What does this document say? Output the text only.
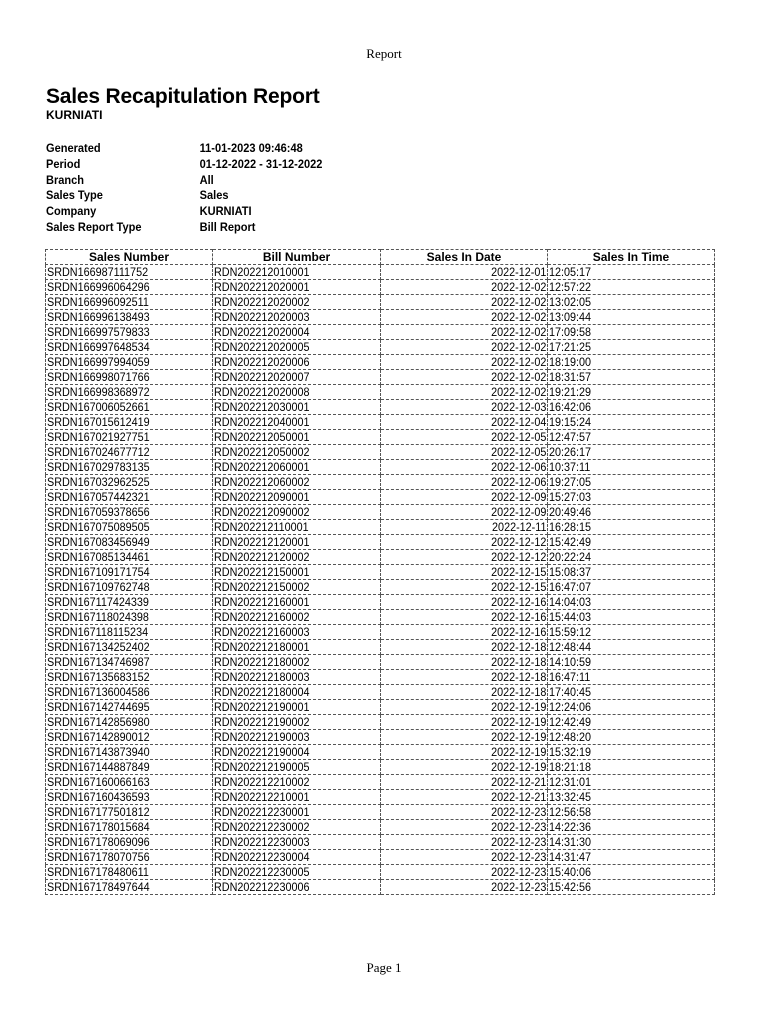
Report
Sales Recapitulation Report
KURNIATI
Generated	11-01-2023 09:46:48
Period	01-12-2022 - 31-12-2022
Branch	All
Sales Type	Sales
Company	KURNIATI
Sales Report Type	Bill Report
Sales Number	Bill Number	Sales In Date	Sales In Time
SRDN166987111752	RDN202212010001	2022-12-01	12:05:17
SRDN166996064296	RDN202212020001	2022-12-02	12:57:22
SRDN166996092511	RDN202212020002	2022-12-02	13:02:05
SRDN166996138493	RDN202212020003	2022-12-02	13:09:44
SRDN166997579833	RDN202212020004	2022-12-02	17:09:58
SRDN166997648534	RDN202212020005	2022-12-02	17:21:25
SRDN166997994059	RDN202212020006	2022-12-02	18:19:00
SRDN166998071766	RDN202212020007	2022-12-02	18:31:57
SRDN166998368972	RDN202212020008	2022-12-02	19:21:29
SRDN167006052661	RDN202212030001	2022-12-03	16:42:06
SRDN167015612419	RDN202212040001	2022-12-04	19:15:24
SRDN167021927751	RDN202212050001	2022-12-05	12:47:57
SRDN167024677712	RDN202212050002	2022-12-05	20:26:17
SRDN167029783135	RDN202212060001	2022-12-06	10:37:11
SRDN167032962525	RDN202212060002	2022-12-06	19:27:05
SRDN167057442321	RDN202212090001	2022-12-09	15:27:03
SRDN167059378656	RDN202212090002	2022-12-09	20:49:46
SRDN167075089505	RDN202212110001	2022-12-11	16:28:15
SRDN167083456949	RDN202212120001	2022-12-12	15:42:49
SRDN167085134461	RDN202212120002	2022-12-12	20:22:24
SRDN167109171754	RDN202212150001	2022-12-15	15:08:37
SRDN167109762748	RDN202212150002	2022-12-15	16:47:07
SRDN167117424339	RDN202212160001	2022-12-16	14:04:03
SRDN167118024398	RDN202212160002	2022-12-16	15:44:03
SRDN167118115234	RDN202212160003	2022-12-16	15:59:12
SRDN167134252402	RDN202212180001	2022-12-18	12:48:44
SRDN167134746987	RDN202212180002	2022-12-18	14:10:59
SRDN167135683152	RDN202212180003	2022-12-18	16:47:11
SRDN167136004586	RDN202212180004	2022-12-18	17:40:45
SRDN167142744695	RDN202212190001	2022-12-19	12:24:06
SRDN167142856980	RDN202212190002	2022-12-19	12:42:49
SRDN167142890012	RDN202212190003	2022-12-19	12:48:20
SRDN167143873940	RDN202212190004	2022-12-19	15:32:19
SRDN167144887849	RDN202212190005	2022-12-19	18:21:18
SRDN167160066163	RDN202212210002	2022-12-21	12:31:01
SRDN167160436593	RDN202212210001	2022-12-21	13:32:45
SRDN167177501812	RDN202212230001	2022-12-23	12:56:58
SRDN167178015684	RDN202212230002	2022-12-23	14:22:36
SRDN167178069096	RDN202212230003	2022-12-23	14:31:30
SRDN167178070756	RDN202212230004	2022-12-23	14:31:47
SRDN167178480611	RDN202212230005	2022-12-23	15:40:06
SRDN167178497644	RDN202212230006	2022-12-23	15:42:56
Page 1
